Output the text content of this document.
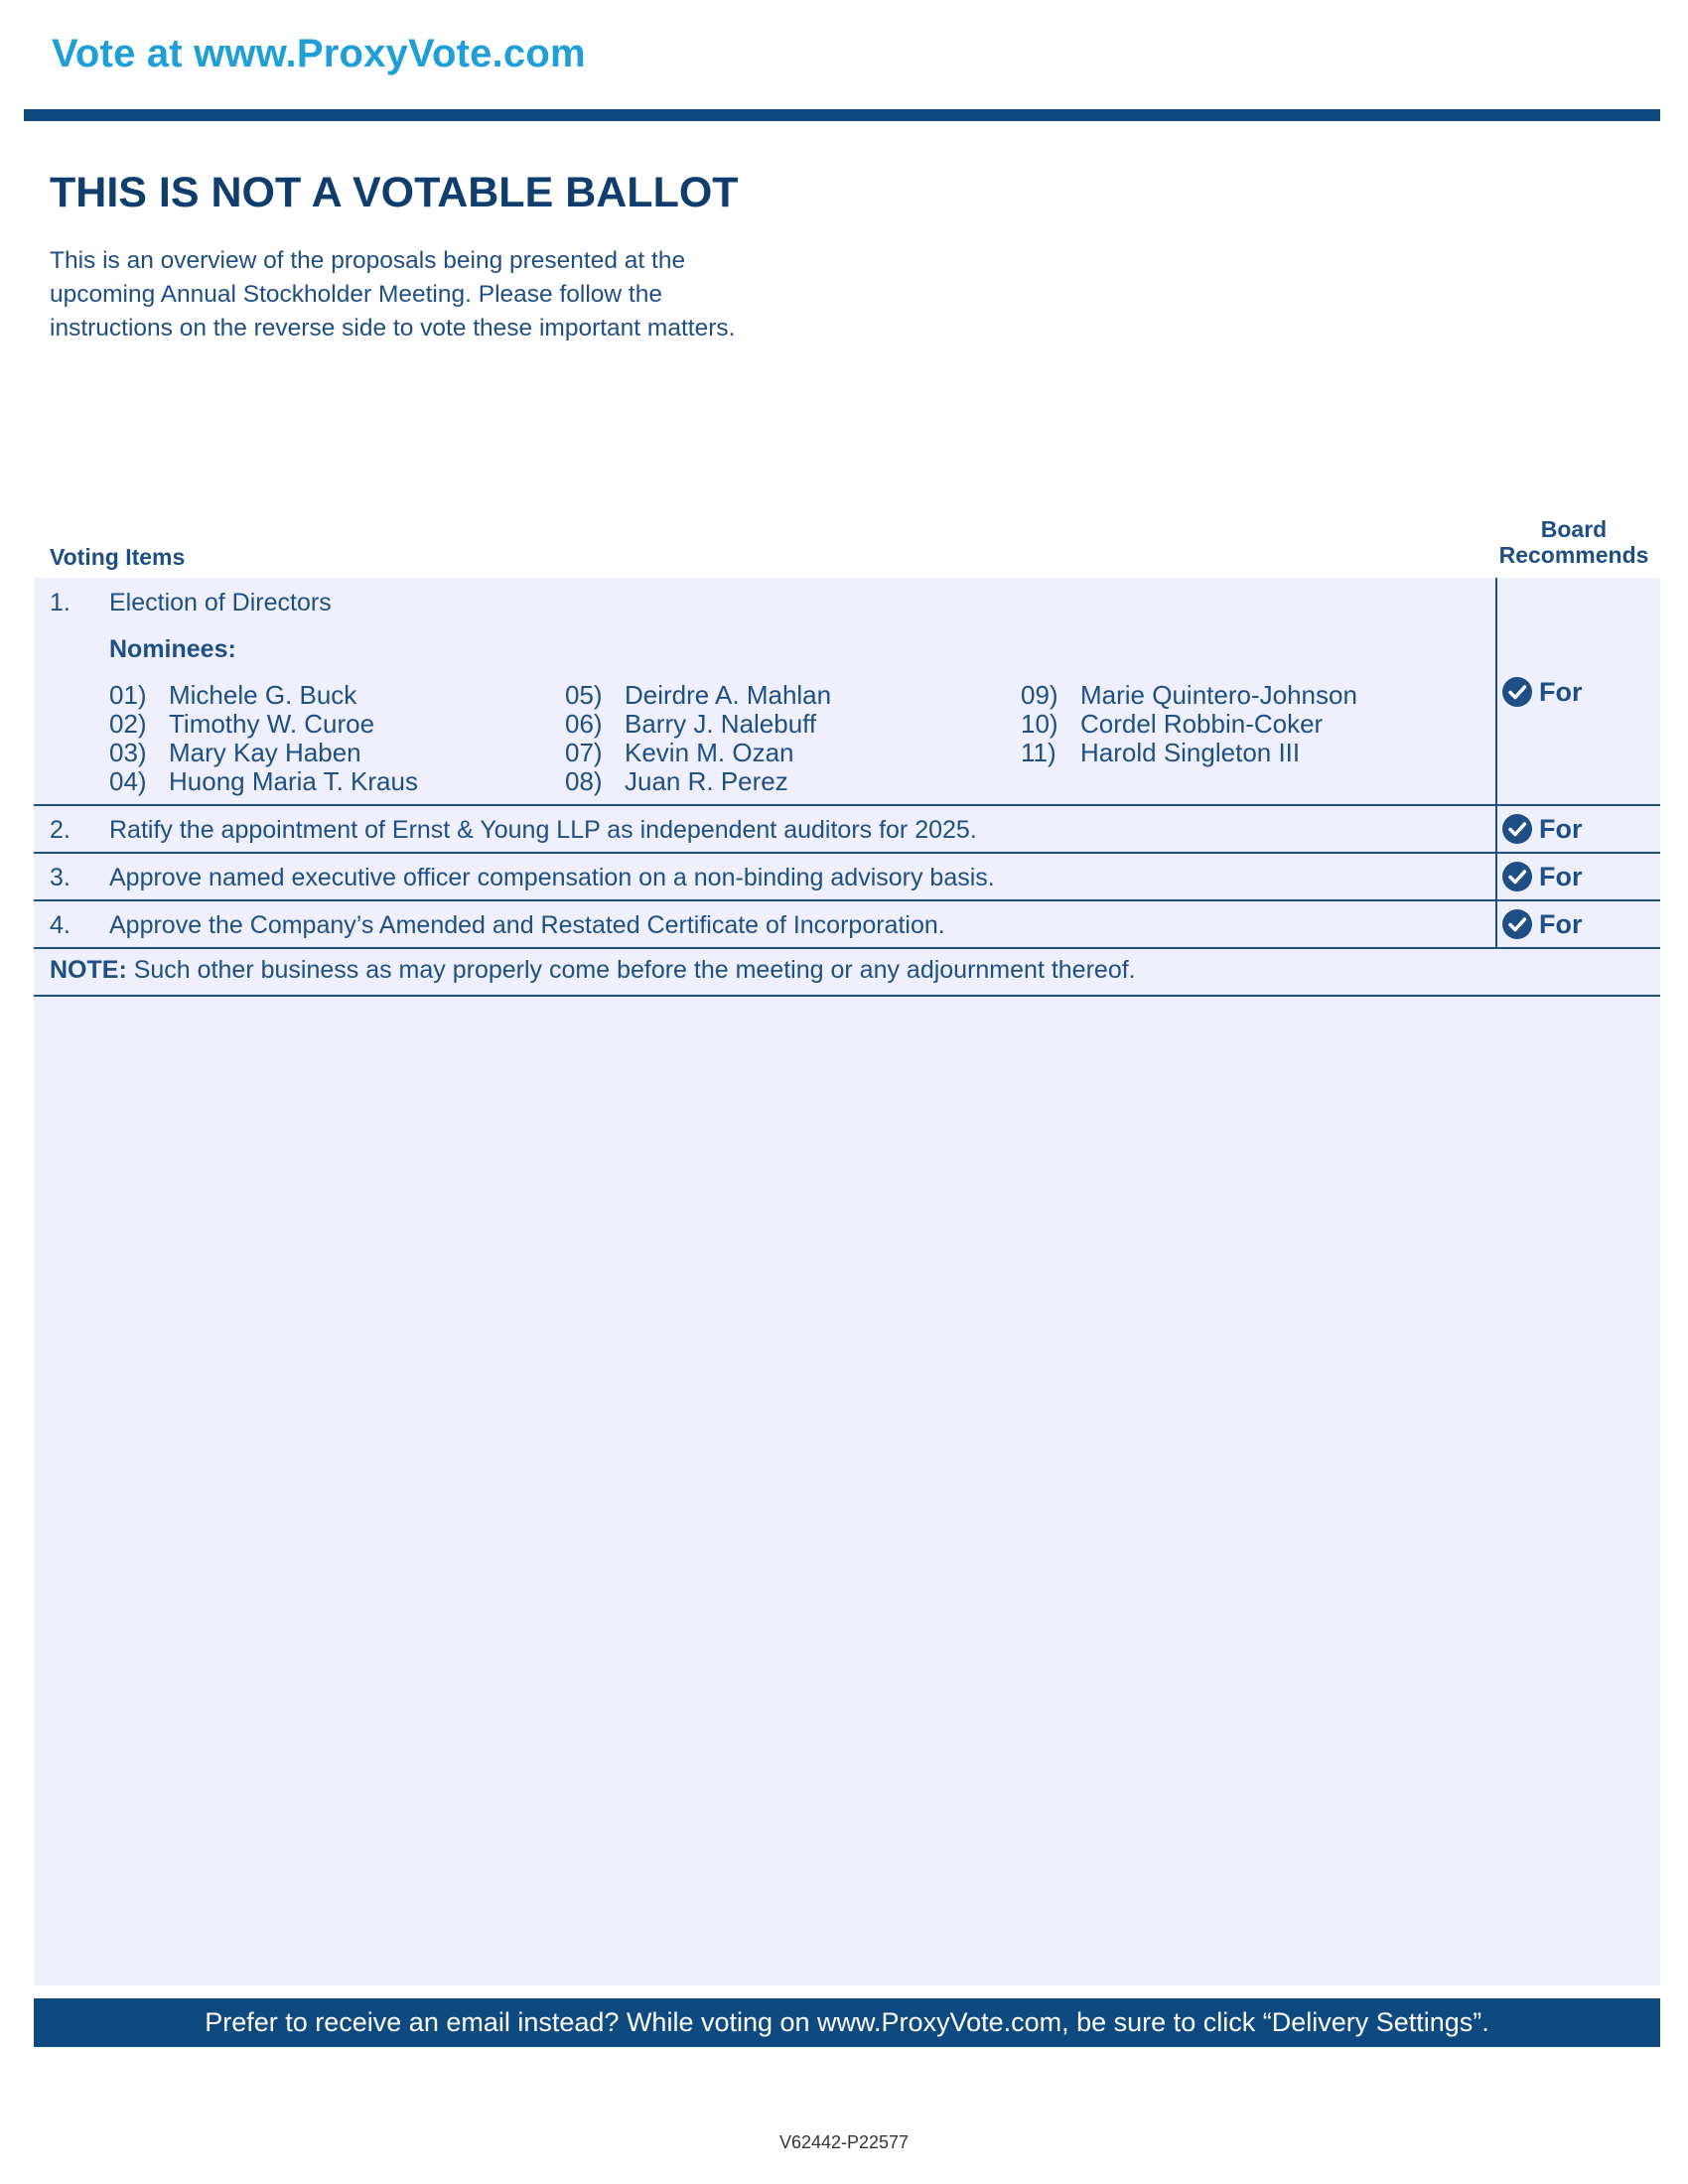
Vote at www.ProxyVote.com
THIS IS NOT A VOTABLE BALLOT
This is an overview of the proposals being presented at the
upcoming Annual Stockholder Meeting. Please follow the
instructions on the reverse side to vote these important matters.
Board
Recommends
Voting Items
1. Election of Directors
Nominees:
01) Michele G. Buck
02) Timothy W. Curoe
03) Mary Kay Haben
04) Huong Maria T. Kraus
05) Deirdre A. Mahlan
06) Barry J. Nalebuff
07) Kevin M. Ozan
08) Juan R. Perez
09) Marie Quintero-Johnson
10) Cordel Robbin-Coker
11) Harold Singleton III
For
2. Ratify the appointment of Ernst & Young LLP as independent auditors for 2025.	For
3. Approve named executive officer compensation on a non-binding advisory basis.	For
4. Approve the Company’s Amended and Restated Certificate of Incorporation.	For
NOTE: Such other business as may properly come before the meeting or any adjournment thereof.
Prefer to receive an email instead? While voting on www.ProxyVote.com, be sure to click “Delivery Settings”.
V62442-P22577
